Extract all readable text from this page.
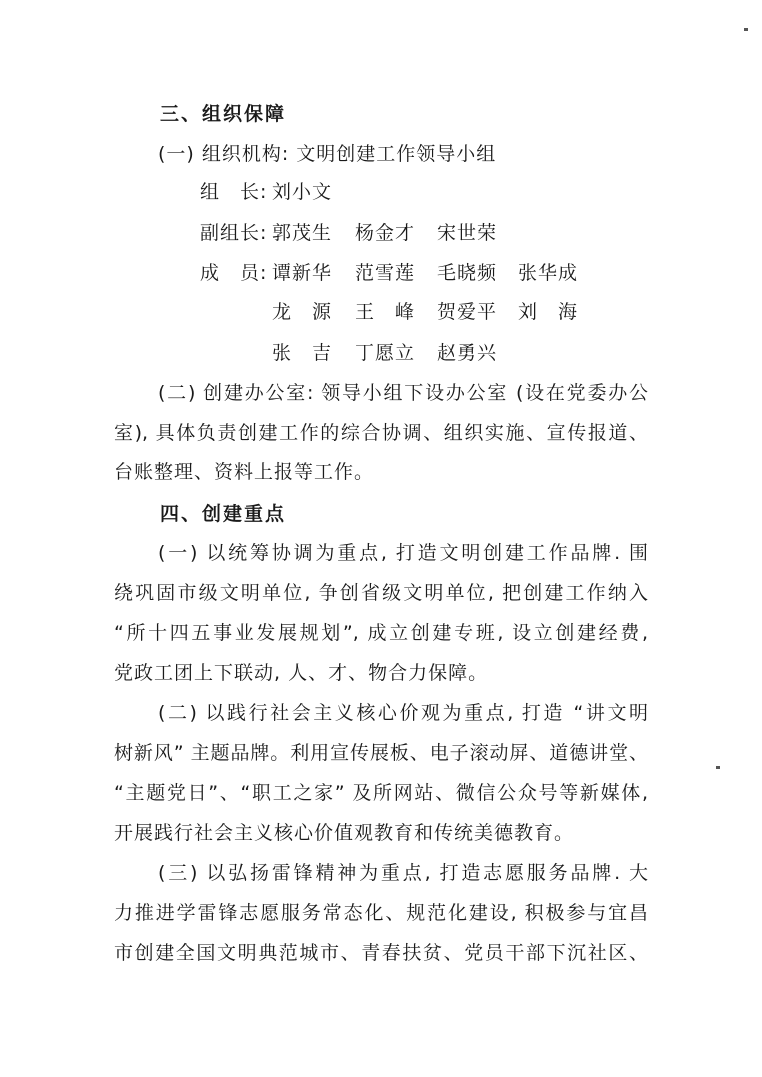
三、组织保障
(一) 组织机构: 文明创建工作领导小组
组　长: 刘小文
副组长: 郭茂生 杨金才 宋世荣
成　员: 谭新华 范雪莲 毛晓频 张华成
龙　源 王　峰 贺爱平 刘　海
张　吉 丁愿立 赵勇兴
(二) 创建办公室: 领导小组下设办公室 (设在党委办公
室), 具体负责创建工作的综合协调、组织实施、宣传报道、
台账整理、资料上报等工作。
四、创建重点
(一) 以统筹协调为重点, 打造文明创建工作品牌. 围
绕巩固市级文明单位, 争创省级文明单位, 把创建工作纳入
“所十四五事业发展规划”, 成立创建专班, 设立创建经费,
党政工团上下联动, 人、才、物合力保障。
(二) 以践行社会主义核心价观为重点, 打造 “讲文明
树新风” 主题品牌。利用宣传展板、电子滚动屏、道德讲堂、
“主题党日”、“职工之家” 及所网站、微信公众号等新媒体,
开展践行社会主义核心价值观教育和传统美德教育。
(三) 以弘扬雷锋精神为重点, 打造志愿服务品牌. 大
力推进学雷锋志愿服务常态化、规范化建设, 积极参与宜昌
市创建全国文明典范城市、青春扶贫、党员干部下沉社区、
